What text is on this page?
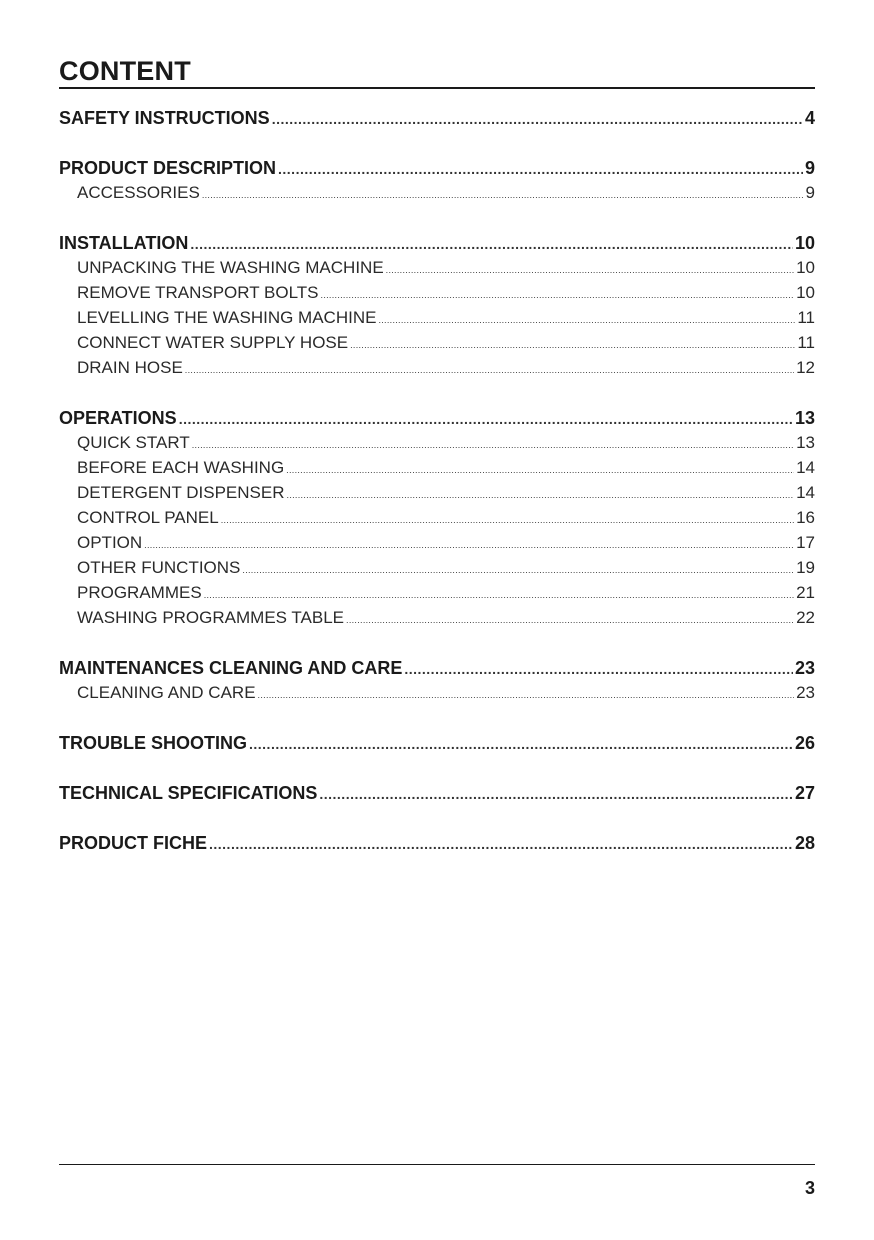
CONTENT
SAFETY INSTRUCTIONS .....	4
PRODUCT DESCRIPTION .....	9
ACCESSORIES .....	9
INSTALLATION .....	10
UNPACKING THE WASHING MACHINE .....	10
REMOVE TRANSPORT BOLTS .....	10
LEVELLING THE WASHING MACHINE .....	11
CONNECT WATER SUPPLY HOSE .....	11
DRAIN HOSE .....	12
OPERATIONS .....	13
QUICK START .....	13
BEFORE EACH WASHING .....	14
DETERGENT DISPENSER .....	14
CONTROL PANEL .....	16
OPTION .....	17
OTHER FUNCTIONS .....	19
PROGRAMMES .....	21
WASHING PROGRAMMES TABLE .....	22
MAINTENANCES CLEANING AND CARE .....	23
CLEANING AND CARE .....	23
TROUBLE SHOOTING .....	26
TECHNICAL SPECIFICATIONS .....	27
PRODUCT FICHE .....	28
3
